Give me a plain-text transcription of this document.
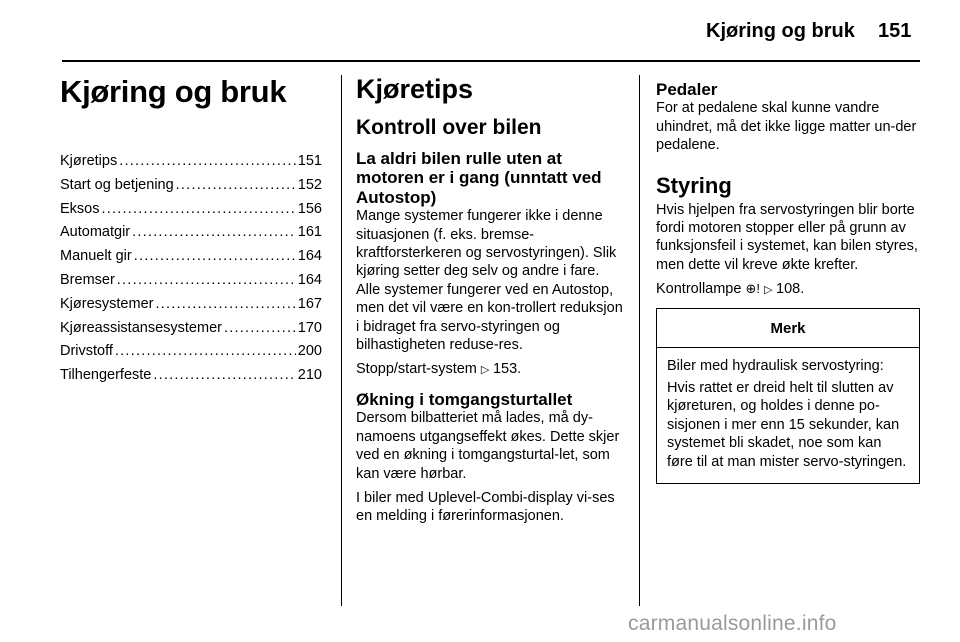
Kjøring og bruk 151
Kjøring og bruk
Kjøretips . . .	151
Start og betjening . . .	152
Eksos . . .	156
Automatgir . . .	161
Manuelt gir . . .	164
Bremser . . .	164
Kjøresystemer . . .	167
Kjøreassistansesystemer . . .	170
Drivstoff . . .	200
Tilhengerfeste . . .	210
Kjøretips
Kontroll over bilen
La aldri bilen rulle uten at motoren er i gang (unntatt ved Autostop)

Mange systemer fungerer ikke i denne situasjonen (f. eks. bremse-kraftforsterkeren og servostyringen). Slik kjøring setter deg selv og andre i fare. Alle systemer fungerer ved en Autostop, men det vil være en kon-trollert reduksjon i bidraget fra servo-styringen og bilhastigheten reduse-res.

Stopp/start-system ▷ 153.

Økning i tomgangsturtallet

Dersom bilbatteriet må lades, må dy-namoens utgangseffekt økes. Dette skjer ved en økning i tomgangsturtal-let, som kan være hørbar.

I biler med Uplevel-Combi-display vi-ses en melding i førerinformasjonen.

Pedaler

For at pedalene skal kunne vandre uhindret, må det ikke ligge matter un-der pedalene.

Styring

Hvis hjelpen fra servostyringen blir borte fordi motoren stopper eller på grunn av funksjonsfeil i systemet, kan bilen styres, men dette vil kreve økte krefter.

Kontrollampe ⊕! ▷ 108.

Merk

Biler med hydraulisk servostyring:

Hvis rattet er dreid helt til slutten av kjøreturen, og holdes i denne po-sisjonen i mer enn 15 sekunder, kan systemet bli skadet, noe som kan føre til at man mister servo-styringen.

carmanualsonline.info
